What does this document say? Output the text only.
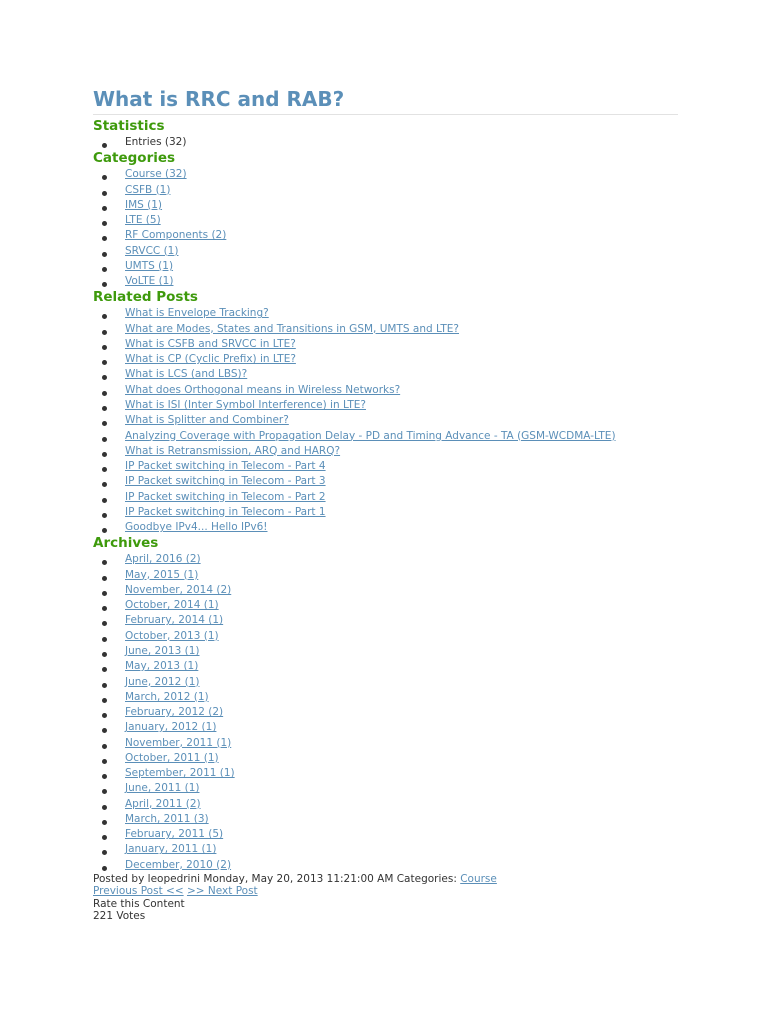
What is RRC and RAB?
Statistics
Entries (32)
Categories
Course (32)
CSFB (1)
IMS (1)
LTE (5)
RF Components (2)
SRVCC (1)
UMTS (1)
VoLTE (1)
Related Posts
What is Envelope Tracking?
What are Modes, States and Transitions in GSM, UMTS and LTE?
What is CSFB and SRVCC in LTE?
What is CP (Cyclic Prefix) in LTE?
What is LCS (and LBS)?
What does Orthogonal means in Wireless Networks?
What is ISI (Inter Symbol Interference) in LTE?
What is Splitter and Combiner?
Analyzing Coverage with Propagation Delay - PD and Timing Advance - TA (GSM-WCDMA-LTE)
What is Retransmission, ARQ and HARQ?
IP Packet switching in Telecom - Part 4
IP Packet switching in Telecom - Part 3
IP Packet switching in Telecom - Part 2
IP Packet switching in Telecom - Part 1
Goodbye IPv4... Hello IPv6!
Archives
April, 2016 (2)
May, 2015 (1)
November, 2014 (2)
October, 2014 (1)
February, 2014 (1)
October, 2013 (1)
June, 2013 (1)
May, 2013 (1)
June, 2012 (1)
March, 2012 (1)
February, 2012 (2)
January, 2012 (1)
November, 2011 (1)
October, 2011 (1)
September, 2011 (1)
June, 2011 (1)
April, 2011 (2)
March, 2011 (3)
February, 2011 (5)
January, 2011 (1)
December, 2010 (2)
Posted by leopedrini Monday, May 20, 2013 11:21:00 AM Categories: Course
Previous Post << >> Next Post
Rate this Content
221 Votes
